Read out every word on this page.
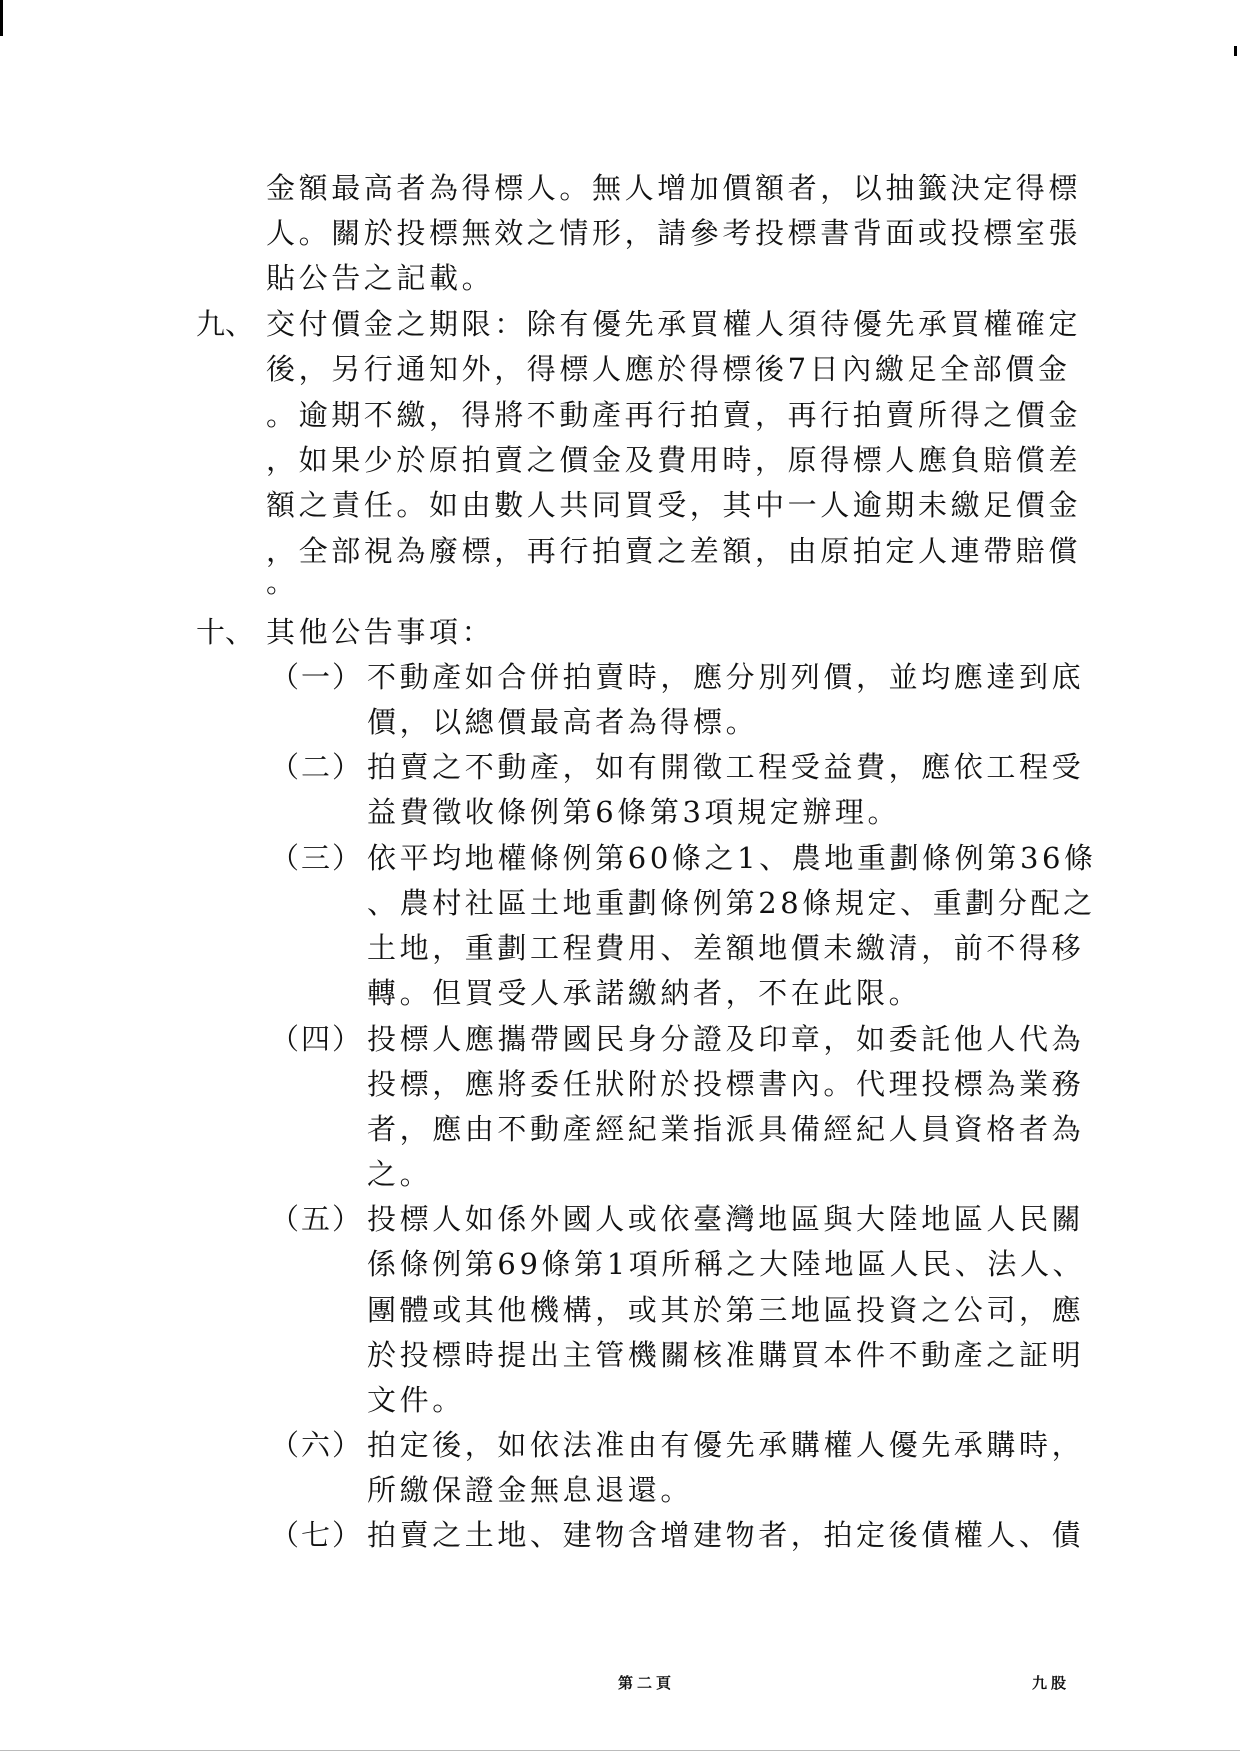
金額最高者為得標人。無人增加價額者，以抽籤決定得標
人。關於投標無效之情形，請參考投標書背面或投標室張
貼公告之記載。
九、 交付價金之期限：除有優先承買權人須待優先承買權確定
後，另行通知外，得標人應於得標後7日內繳足全部價金
。逾期不繳，得將不動產再行拍賣，再行拍賣所得之價金
，如果少於原拍賣之價金及費用時，原得標人應負賠償差
額之責任。如由數人共同買受，其中一人逾期未繳足價金
，全部視為廢標，再行拍賣之差額，由原拍定人連帶賠償
。
十、 其他公告事項：
（一） 不動產如合併拍賣時，應分別列價，並均應達到底
價，以總價最高者為得標。
（二） 拍賣之不動產，如有開徵工程受益費，應依工程受
益費徵收條例第6條第3項規定辦理。
（三） 依平均地權條例第60條之1、農地重劃條例第36條
、農村社區土地重劃條例第28條規定、重劃分配之
土地，重劃工程費用、差額地價未繳清，前不得移
轉。但買受人承諾繳納者，不在此限。
（四） 投標人應攜帶國民身分證及印章，如委託他人代為
投標，應將委任狀附於投標書內。代理投標為業務
者，應由不動產經紀業指派具備經紀人員資格者為
之。
（五） 投標人如係外國人或依臺灣地區與大陸地區人民關
係條例第69條第1項所稱之大陸地區人民、法人、
團體或其他機構，或其於第三地區投資之公司，應
於投標時提出主管機關核准購買本件不動產之証明
文件。
（六） 拍定後，如依法准由有優先承購權人優先承購時，
所繳保證金無息退還。
（七） 拍賣之土地、建物含增建物者，拍定後債權人、債
第二頁	九股
